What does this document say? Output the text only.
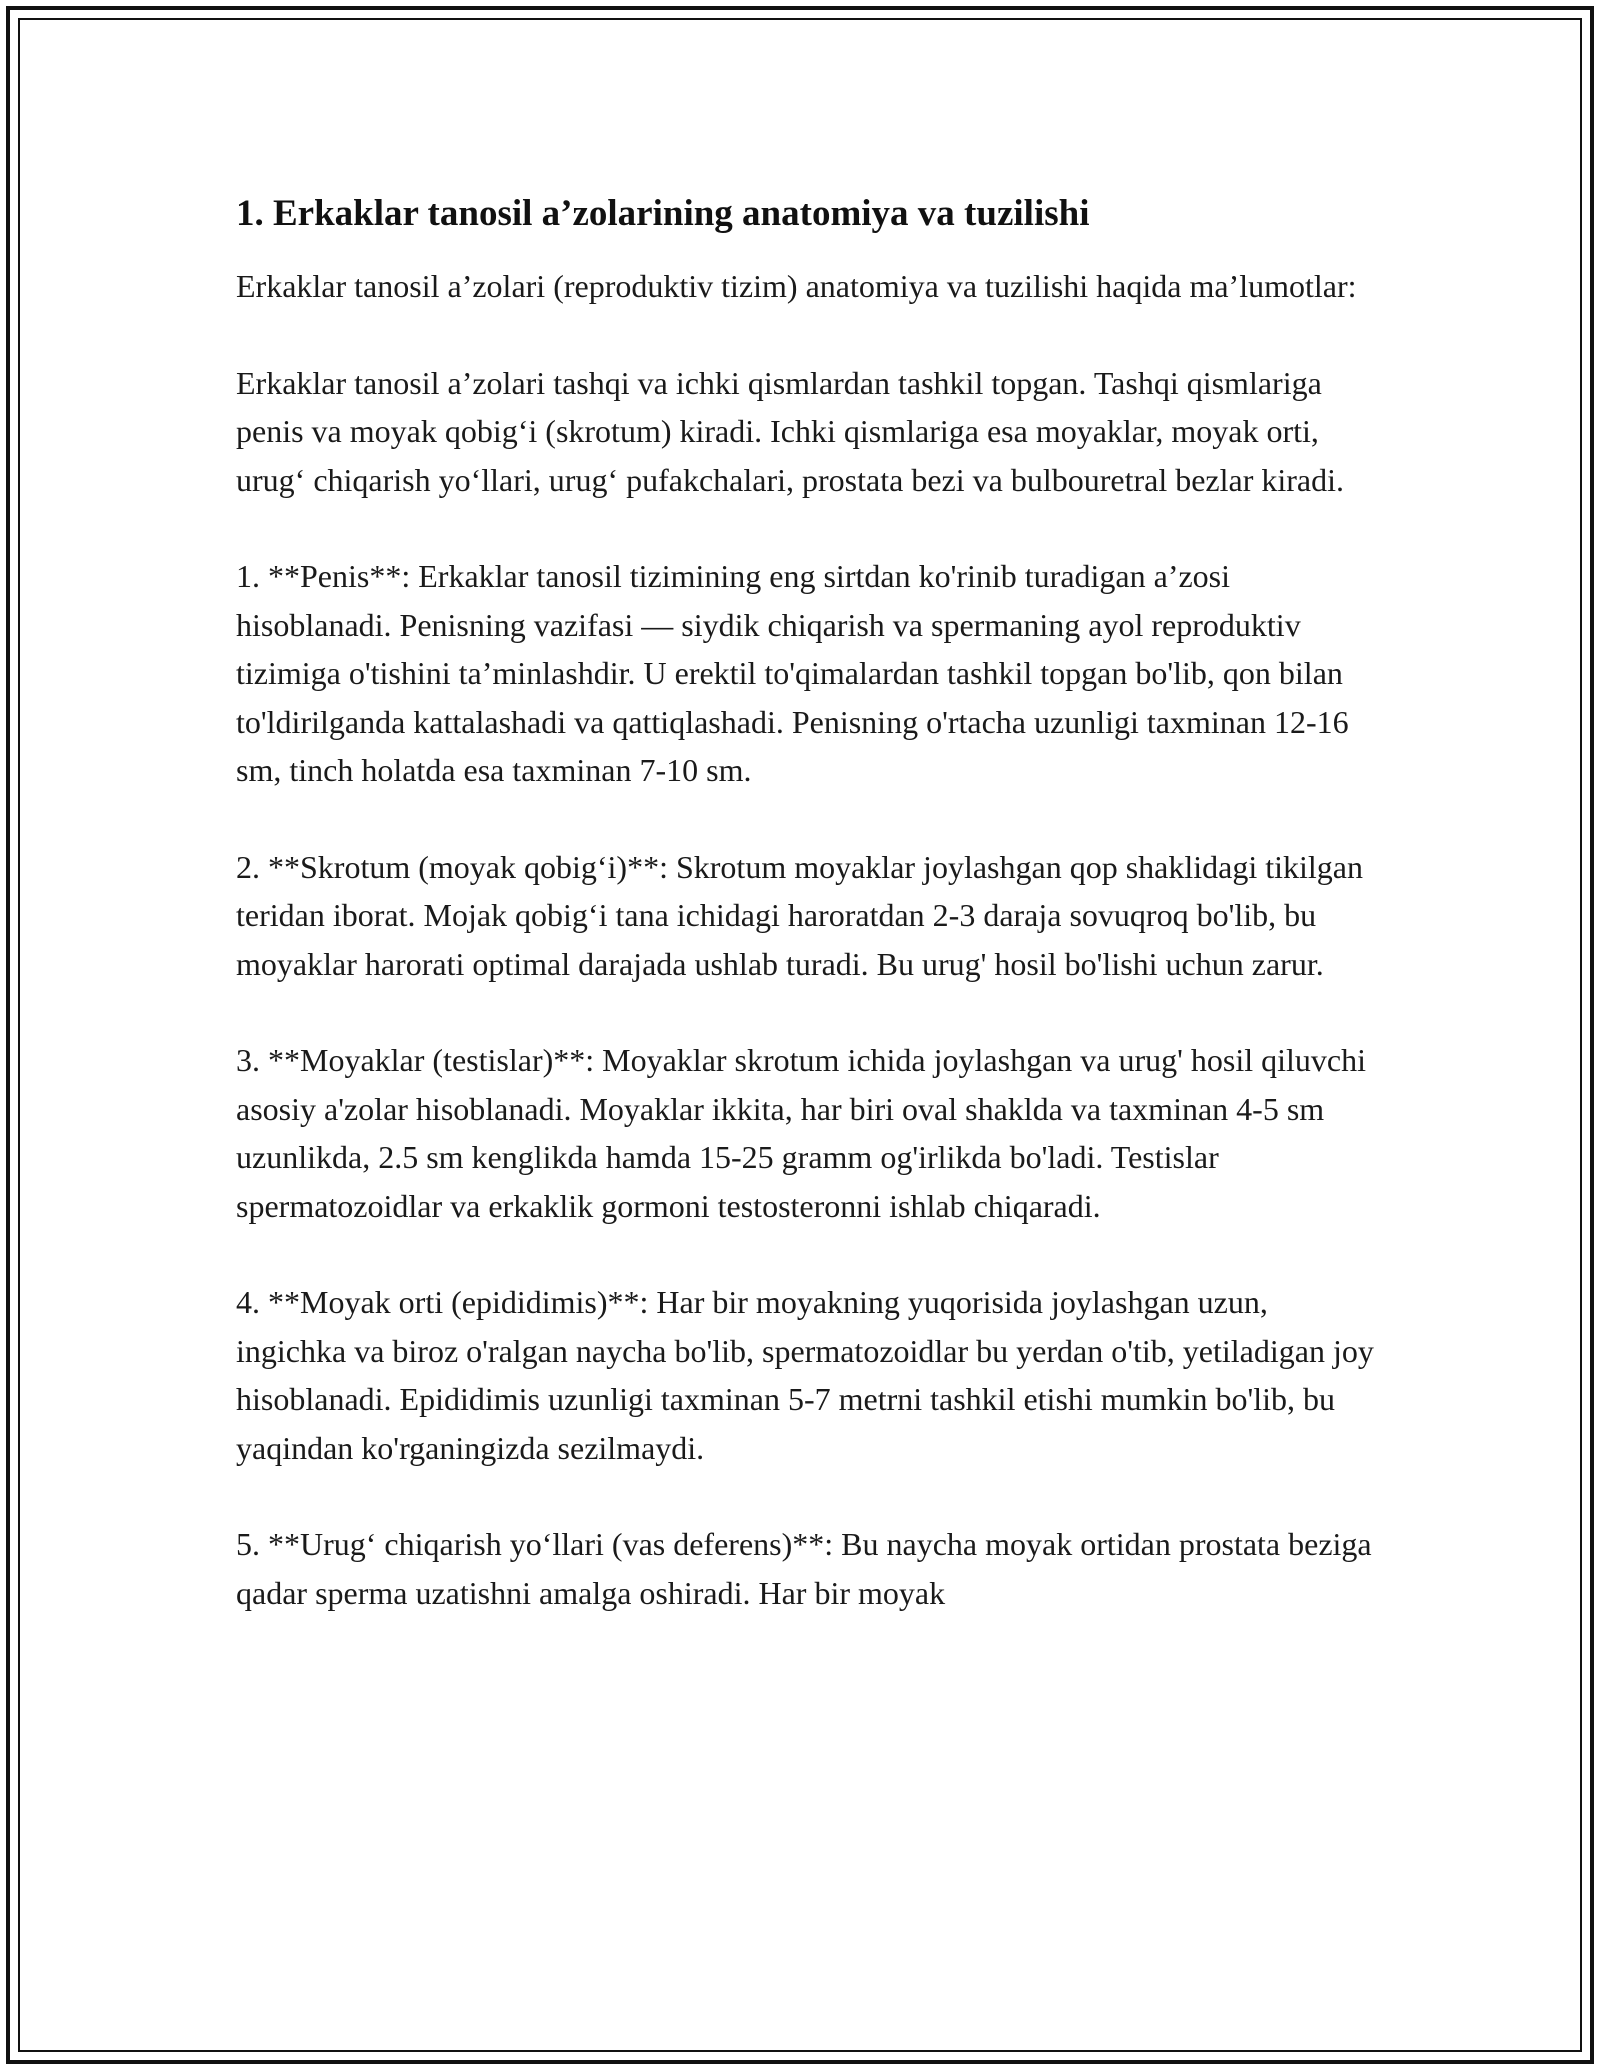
1. Erkaklar tanosil a’zolarining anatomiya va tuzilishi

Erkaklar tanosil a’zolari (reproduktiv tizim) anatomiya va tuzilishi haqida ma’lumotlar:

Erkaklar tanosil a’zolari tashqi va ichki qismlardan tashkil topgan. Tashqi qismlariga penis va moyak qobig‘i (skrotum) kiradi. Ichki qismlariga esa moyaklar, moyak orti, urug‘ chiqarish yo‘llari, urug‘ pufakchalari, prostata bezi va bulbouretral bezlar kiradi.

1. **Penis**: Erkaklar tanosil tizimining eng sirtdan ko'rinib turadigan a’zosi hisoblanadi. Penisning vazifasi — siydik chiqarish va spermaning ayol reproduktiv tizimiga o'tishini ta’minlashdir. U erektil to'qimalardan tashkil topgan bo'lib, qon bilan to'ldirilganda kattalashadi va qattiqlashadi. Penisning o'rtacha uzunligi taxminan 12-16 sm, tinch holatda esa taxminan 7-10 sm.

2. **Skrotum (moyak qobig‘i)**: Skrotum moyaklar joylashgan qop shaklidagi tikilgan teridan iborat. Mojak qobig‘i tana ichidagi haroratdan 2-3 daraja sovuqroq bo'lib, bu moyaklar harorati optimal darajada ushlab turadi. Bu urug' hosil bo'lishi uchun zarur.

3. **Moyaklar (testislar)**: Moyaklar skrotum ichida joylashgan va urug' hosil qiluvchi asosiy a'zolar hisoblanadi. Moyaklar ikkita, har biri oval shaklda va taxminan 4-5 sm uzunlikda, 2.5 sm kenglikda hamda 15-25 gramm og'irlikda bo'ladi. Testislar spermatozoidlar va erkaklik gormoni testosteronni ishlab chiqaradi.

4. **Moyak orti (epididimis)**: Har bir moyakning yuqorisida joylashgan uzun, ingichka va biroz o'ralgan naycha bo'lib, spermatozoidlar bu yerdan o'tib, yetiladigan joy hisoblanadi. Epididimis uzunligi taxminan 5-7 metrni tashkil etishi mumkin bo'lib, bu yaqindan ko'rganingizda sezilmaydi.

5. **Urug‘ chiqarish yo‘llari (vas deferens)**: Bu naycha moyak ortidan prostata beziga qadar sperma uzatishni amalga oshiradi. Har bir moyak
